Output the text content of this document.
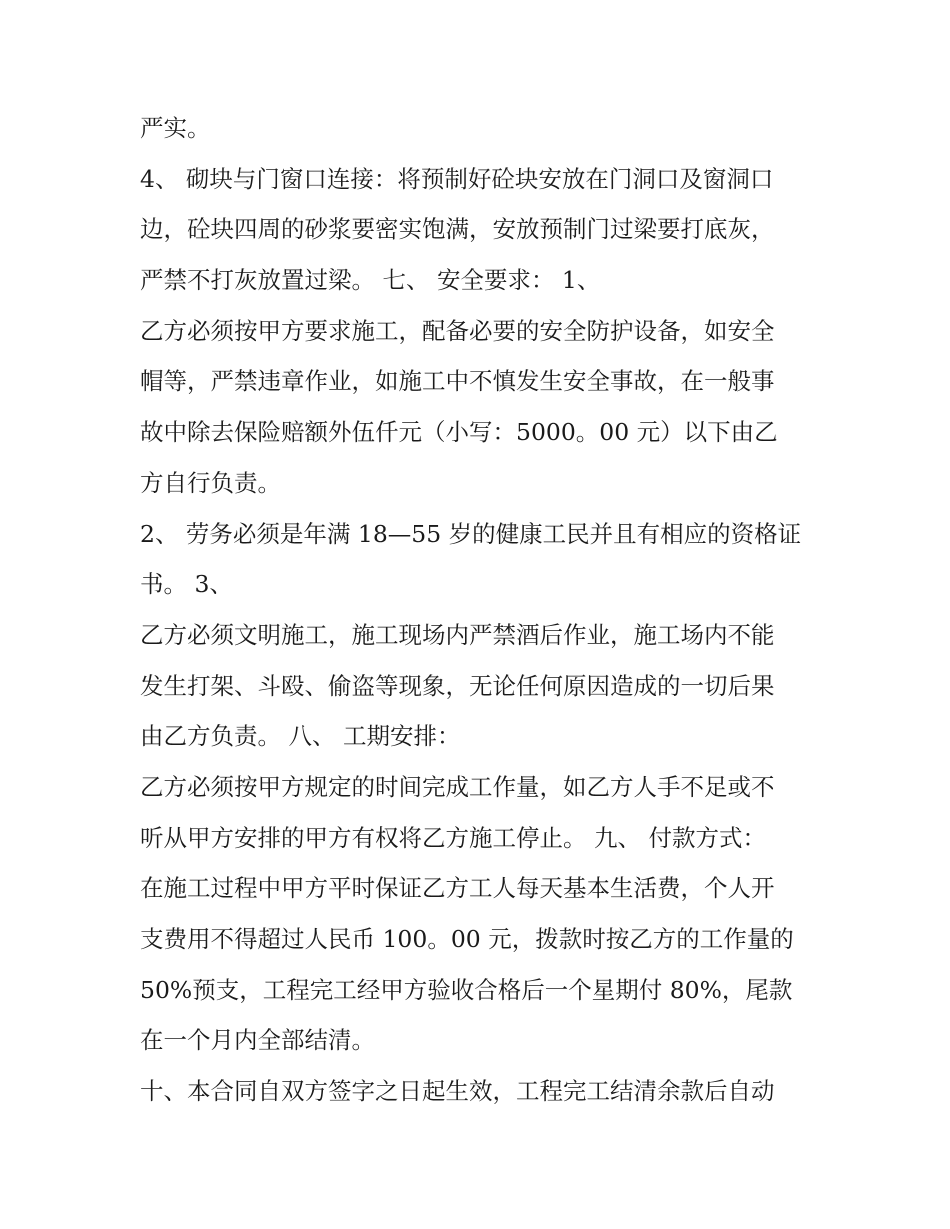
严实。
4、 砌块与门窗口连接：将预制好砼块安放在门洞口及窗洞口
边，砼块四周的砂浆要密实饱满，安放预制门过梁要打底灰，
严禁不打灰放置过梁。 七、 安全要求： 1、
乙方必须按甲方要求施工，配备必要的安全防护设备，如安全
帽等，严禁违章作业，如施工中不慎发生安全事故，在一般事
故中除去保险赔额外伍仟元（小写：5000。00 元）以下由乙
方自行负责。
2、 劳务必须是年满 18—55 岁的健康工民并且有相应的资格证
书。 3、
乙方必须文明施工，施工现场内严禁酒后作业，施工场内不能
发生打架、斗殴、偷盗等现象，无论任何原因造成的一切后果
由乙方负责。 八、 工期安排：
乙方必须按甲方规定的时间完成工作量，如乙方人手不足或不
听从甲方安排的甲方有权将乙方施工停止。 九、 付款方式：
在施工过程中甲方平时保证乙方工人每天基本生活费，个人开
支费用不得超过人民币 100。00 元，拨款时按乙方的工作量的
50%预支，工程完工经甲方验收合格后一个星期付 80%，尾款
在一个月内全部结清。
十、本合同自双方签字之日起生效，工程完工结清余款后自动
